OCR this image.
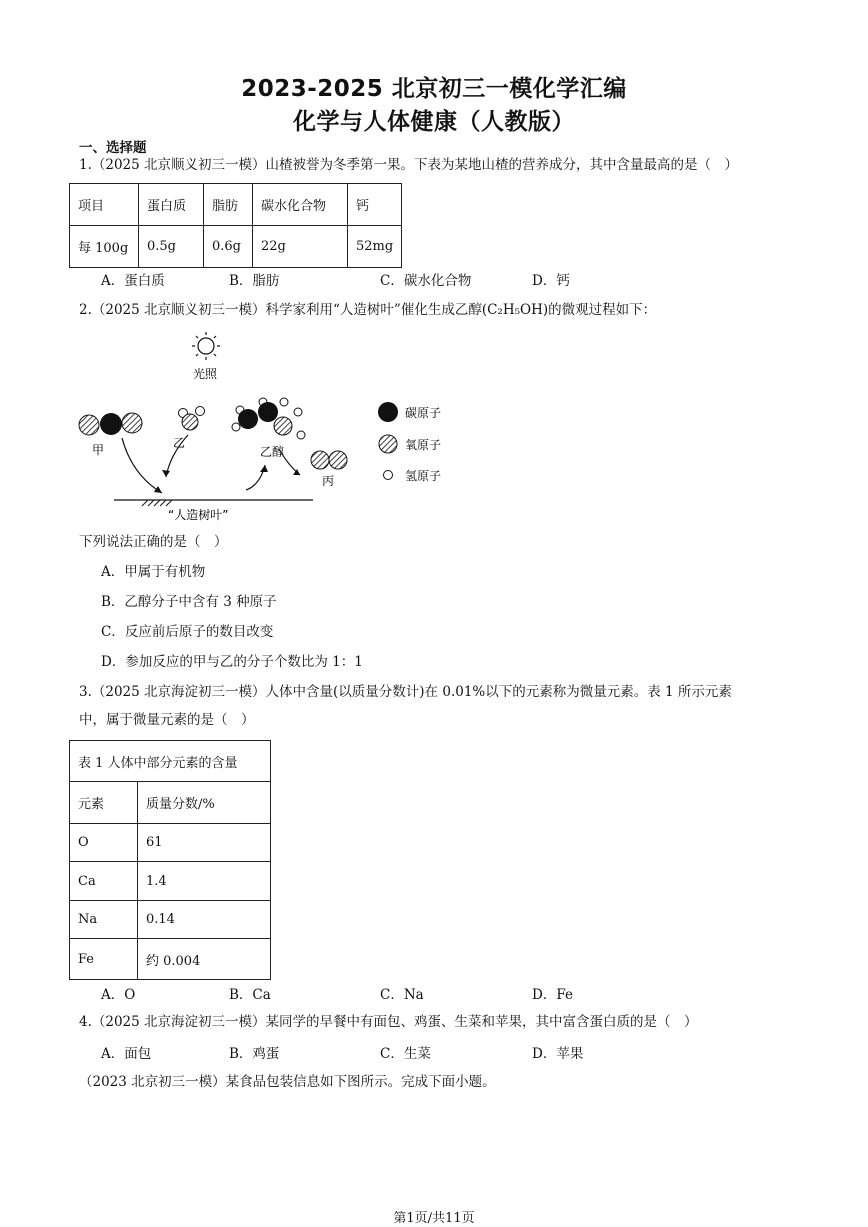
2023-2025 北京初三一模化学汇编
化学与人体健康（人教版）
一、选择题
1.（2025 北京顺义初三一模）山楂被誉为冬季第一果。下表为某地山楂的营养成分，其中含量最高的是（　）
项目	蛋白质	脂肪	碳水化合物	钙
每 100g	0.5g	0.6g	22g	52mg
A．蛋白质	B．脂肪	C．碳水化合物	D．钙
2.（2025 北京顺义初三一模）科学家利用“人造树叶”催化生成乙醇(C₂H₅OH)的微观过程如下：
光照
甲	乙
乙醇
丙
“人造树叶”
碳原子
氧原子
氢原子
下列说法正确的是（　）
A．甲属于有机物
B．乙醇分子中含有 3 种原子
C．反应前后原子的数目改变
D．参加反应的甲与乙的分子个数比为 1：1
3.（2025 北京海淀初三一模）人体中含量(以质量分数计)在 0.01%以下的元素称为微量元素。表 1 所示元素
中，属于微量元素的是（　）
表 1 人体中部分元素的含量	
元素	质量分数/%
O	61
Ca	1.4
Na	0.14
Fe	约 0.004
A．O	B．Ca	C．Na	D．Fe
4.（2025 北京海淀初三一模）某同学的早餐中有面包、鸡蛋、生菜和苹果，其中富含蛋白质的是（　）
A．面包	B．鸡蛋	C．生菜	D．苹果
（2023 北京初三一模）某食品包装信息如下图所示。完成下面小题。
第1页/共11页
